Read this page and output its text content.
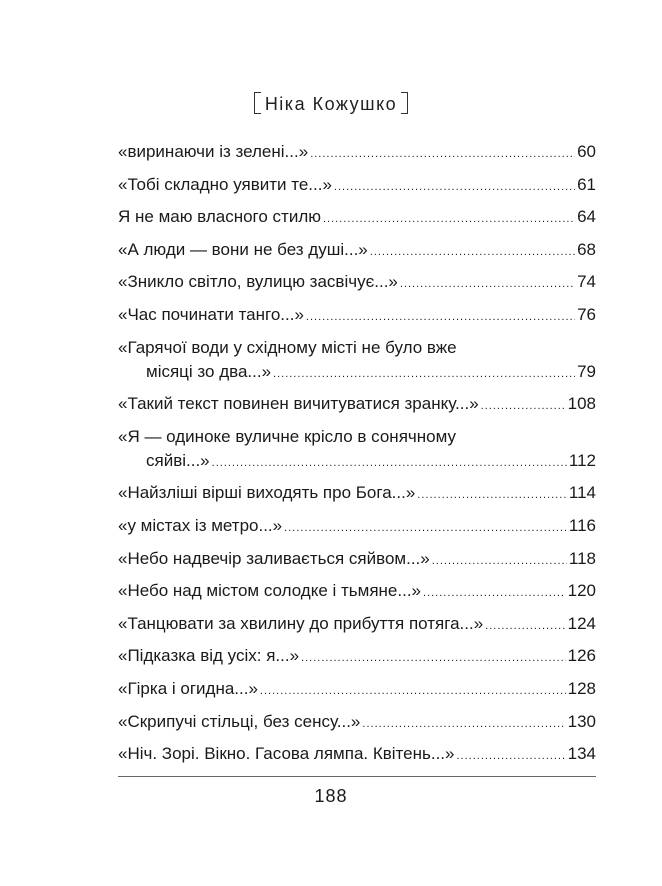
Ніка Кожушко
«виринаючи із зелені...» .....	60
«Тобі складно уявити те...» .....	61
Я не маю власного стилю .....	64
«А люди — вони не без душі...» .....	68
«Зникло світло, вулицю засвічує...» .....	74
«Час починати танго...» .....	76
«Гарячої води у східному місті не було вже
місяці зо два...» .....	79
«Такий текст повинен вичитуватися зранку...» .....	108
«Я — одиноке вуличне крісло в сонячному
сяйві...» .....	112
«Найзліші вірші виходять про Бога...» .....	114
«у містах із метро...» .....	116
«Небо надвечір заливається сяйвом...» .....	118
«Небо над містом солодке і тьмяне...» .....	120
«Танцювати за хвилину до прибуття потяга...» .....	124
«Підказка від усіх: я...» .....	126
«Гірка і огидна...» .....	128
«Скрипучі стільці, без сенсу...» .....	130
«Ніч. Зорі. Вікно. Гасова лямпа. Квітень...» .....	134
188
